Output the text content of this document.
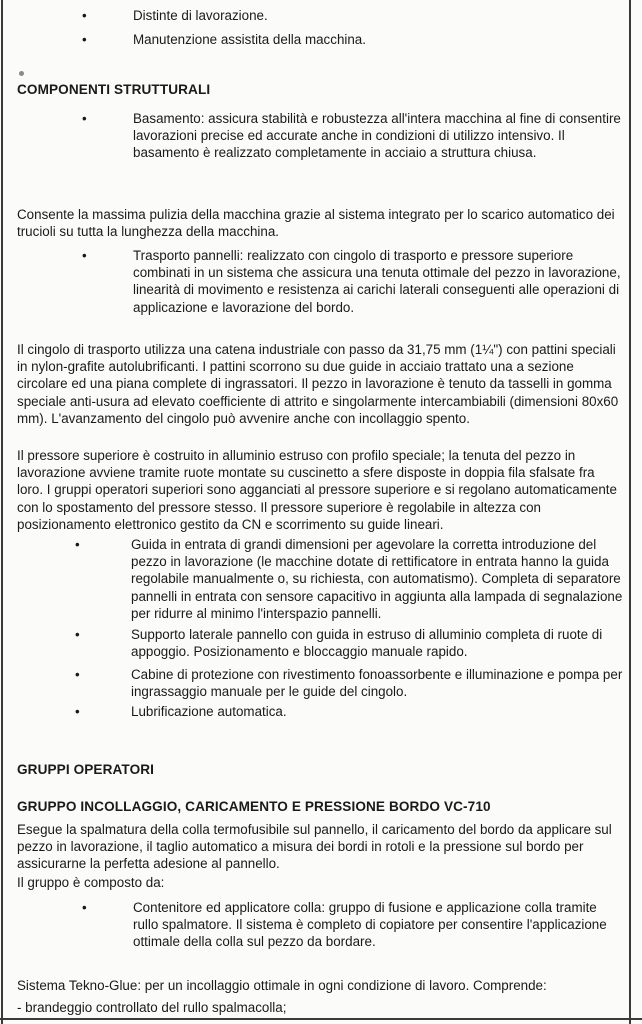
•	Distinte di lavorazione.
•	Manutenzione assistita della macchina.
COMPONENTI STRUTTURALI
•	Basamento: assicura stabilità e robustezza all'intera macchina al fine di consentire lavorazioni precise ed accurate anche in condizioni di utilizzo intensivo. Il basamento è realizzato completamente in acciaio a struttura chiusa.
Consente la massima pulizia della macchina grazie al sistema integrato per lo scarico automatico dei trucioli su tutta la lunghezza della macchina.
•	Trasporto pannelli: realizzato con cingolo di trasporto e pressore superiore combinati in un sistema che assicura una tenuta ottimale del pezzo in lavorazione, linearità di movimento e resistenza ai carichi laterali conseguenti alle operazioni di applicazione e lavorazione del bordo.
Il cingolo di trasporto utilizza una catena industriale con passo da 31,75 mm (1¼") con pattini speciali in nylon-grafite autolubrificanti. I pattini scorrono su due guide in acciaio trattato una a sezione circolare ed una piana complete di ingrassatori. Il pezzo in lavorazione è tenuto da tasselli in gomma speciale anti-usura ad elevato coefficiente di attrito e singolarmente intercambiabili (dimensioni 80x60 mm). L'avanzamento del cingolo può avvenire anche con incollaggio spento.
Il pressore superiore è costruito in alluminio estruso con profilo speciale; la tenuta del pezzo in lavorazione avviene tramite ruote montate su cuscinetto a sfere disposte in doppia fila sfalsate fra loro. I gruppi operatori superiori sono agganciati al pressore superiore e si regolano automaticamente con lo spostamento del pressore stesso. Il pressore superiore è regolabile in altezza con posizionamento elettronico gestito da CN e scorrimento su guide lineari.
•	Guida in entrata di grandi dimensioni per agevolare la corretta introduzione del pezzo in lavorazione (le macchine dotate di rettificatore in entrata hanno la guida regolabile manualmente o, su richiesta, con automatismo). Completa di separatore pannelli in entrata con sensore capacitivo in aggiunta alla lampada di segnalazione per ridurre al minimo l'interspazio pannelli.
•	Supporto laterale pannello con guida in estruso di alluminio completa di ruote di appoggio. Posizionamento e bloccaggio manuale rapido.
•	Cabine di protezione con rivestimento fonoassorbente e illuminazione e pompa per ingrassaggio manuale per le guide del cingolo.
•	Lubrificazione automatica.
GRUPPI OPERATORI
GRUPPO INCOLLAGGIO, CARICAMENTO E PRESSIONE BORDO VC-710
Esegue la spalmatura della colla termofusibile sul pannello, il caricamento del bordo da applicare sul pezzo in lavorazione, il taglio automatico a misura dei bordi in rotoli e la pressione sul bordo per assicurarne la perfetta adesione al pannello.
Il gruppo è composto da:
•	Contenitore ed applicatore colla: gruppo di fusione e applicazione colla tramite rullo spalmatore. Il sistema è completo di copiatore per consentire l'applicazione ottimale della colla sul pezzo da bordare.
Sistema Tekno-Glue: per un incollaggio ottimale in ogni condizione di lavoro. Comprende:
- brandeggio controllato del rullo spalmacolla;
